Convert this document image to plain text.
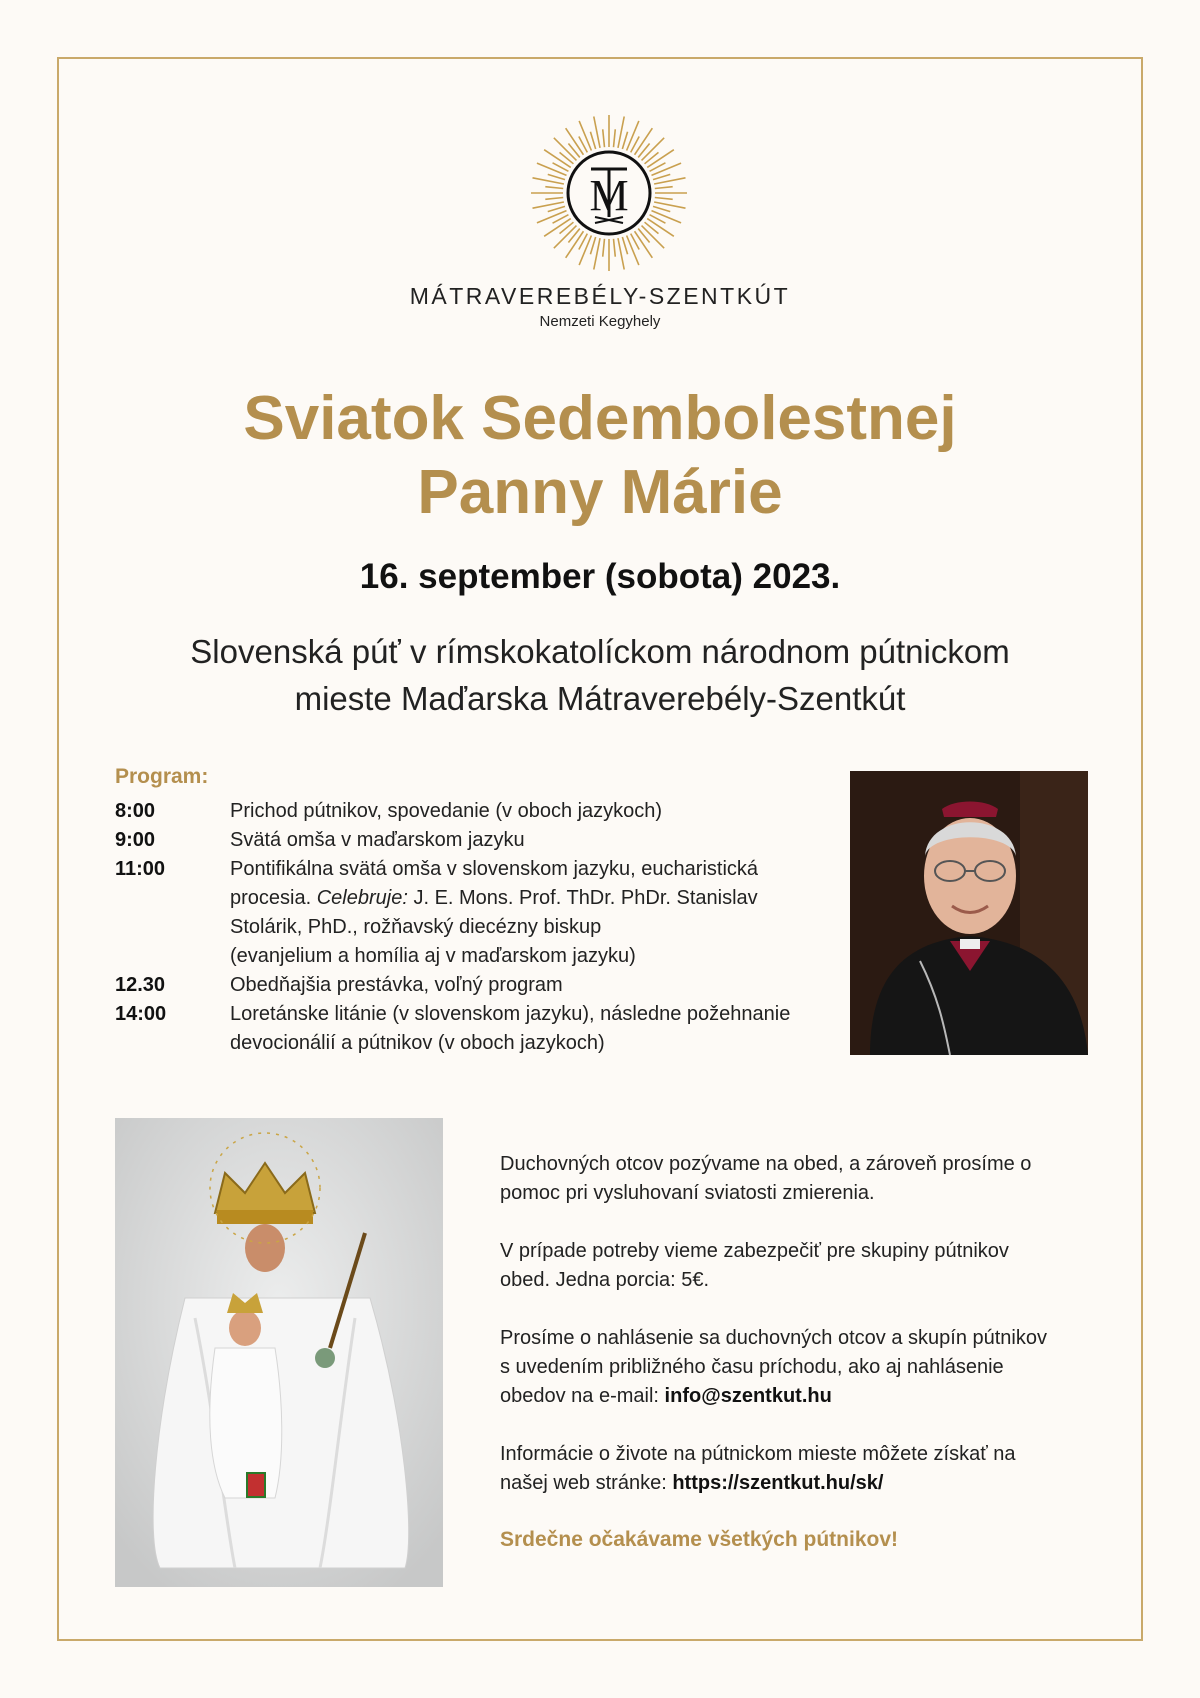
M
MÁTRAVEREBÉLY-SZENTKÚT
Nemzeti Kegyhely
Sviatok Sedembolestnej
Panny Márie
16. september (sobota) 2023.
Slovenská púť v rímskokatolíckom národnom pútnickom
mieste Maďarska Mátraverebély-Szentkút
Program:
8:00	Prichod pútnikov, spovedanie (v oboch jazykoch)
9:00	Svätá omša v maďarskom jazyku
11:00	Pontifikálna svätá omša v slovenskom jazyku, eucharistická
procesia. Celebruje: J. E. Mons. Prof. ThDr. PhDr. Stanislav
Stolárik, PhD., rožňavský diecézny biskup
(evanjelium a homília aj v maďarskom jazyku)
12.30	Obedňajšia prestávka, voľný program
14:00	Loretánske litánie (v slovenskom jazyku), následne požehnanie
devocionálií a pútnikov (v oboch jazykoch)
Duchovných otcov pozývame na obed, a zároveň prosíme o
pomoc pri vysluhovaní sviatosti zmierenia.
V prípade potreby vieme zabezpečiť pre skupiny pútnikov
obed. Jedna porcia: 5€.
Prosíme o nahlásenie sa duchovných otcov a skupín pútnikov
s uvedením približného času príchodu, ako aj nahlásenie
obedov na e-mail: info@szentkut.hu
Informácie o živote na pútnickom mieste môžete získať na
našej web stránke: https://szentkut.hu/sk/
Srdečne očakávame všetkých pútnikov!
